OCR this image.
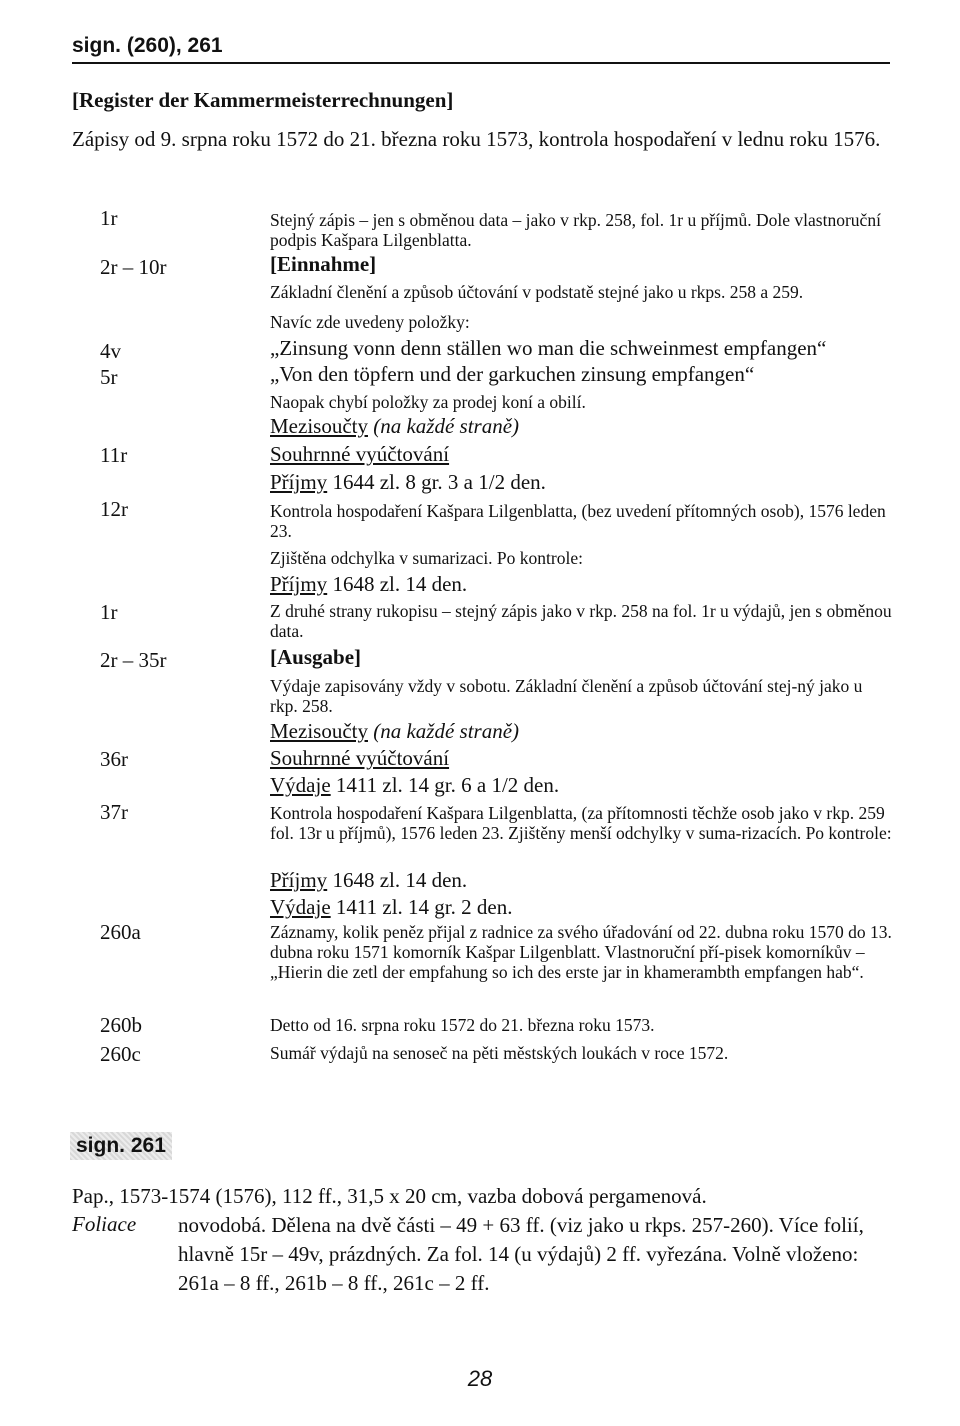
sign. (260), 261
[Register der Kammermeisterrechnungen]
Zápisy od 9. srpna roku 1572 do 21. března roku 1573, kontrola hospodaření v lednu roku 1576.
1r	Stejný zápis – jen s obměnou data – jako v rkp. 258, fol. 1r u příjmů. Dole vlastnoruční podpis Kašpara Lilgenblatta.
2r – 10r	[Einnahme]
Základní členění a způsob účtování v podstatě stejné jako u rkps. 258 a 259.
Navíc zde uvedeny položky:
4v	„Zinsung vonn denn ställen wo man die schweinmest empfangen“
5r	„Von den töpfern und der garkuchen zinsung empfangen“
Naopak chybí položky za prodej koní a obilí.
Mezisoučty (na každé straně)
11r	Souhrnné vyúčtování
Příjmy 1644 zl. 8 gr. 3 a 1/2 den.
12r	Kontrola hospodaření Kašpara Lilgenblatta, (bez uvedení přítomných osob), 1576 leden 23.
Zjištěna odchylka v sumarizaci. Po kontrole:
Příjmy 1648 zl. 14 den.
1r	Z druhé strany rukopisu – stejný zápis jako v rkp. 258 na fol. 1r u výdajů, jen s obměnou data.
2r – 35r	[Ausgabe]
Výdaje zapisovány vždy v sobotu. Základní členění a způsob účtování stej-ný jako u rkp. 258.
Mezisoučty (na každé straně)
36r	Souhrnné vyúčtování
Výdaje 1411 zl. 14 gr. 6 a 1/2 den.
37r	Kontrola hospodaření Kašpara Lilgenblatta, (za přítomnosti těchže osob jako v rkp. 259 fol. 13r u příjmů), 1576 leden 23. Zjištěny menší odchylky v suma-rizacích. Po kontrole:
Příjmy 1648 zl. 14 den.
Výdaje 1411 zl. 14 gr. 2 den.
260a	Záznamy, kolik peněz přijal z radnice za svého úřadování od 22. dubna roku 1570 do 13. dubna roku 1571 komorník Kašpar Lilgenblatt. Vlastnoruční pří-pisek komorníkův – „Hierin die zetl der empfahung so ich des erste jar in khamerambth empfangen hab“.
260b	Detto od 16. srpna roku 1572 do 21. března roku 1573.
260c	Sumář výdajů na senoseč na pěti městských loukách v roce 1572.
sign. 261
Pap., 1573-1574 (1576), 112 ff., 31,5 x 20 cm, vazba dobová pergamenová.
Foliace novodobá. Dělena na dvě části – 49 + 63 ff. (viz jako u rkps. 257-260). Více folií, hlavně 15r – 49v, prázdných. Za fol. 14 (u výdajů) 2 ff. vyřezána. Volně vloženo: 261a – 8 ff., 261b – 8 ff., 261c – 2 ff.
28
